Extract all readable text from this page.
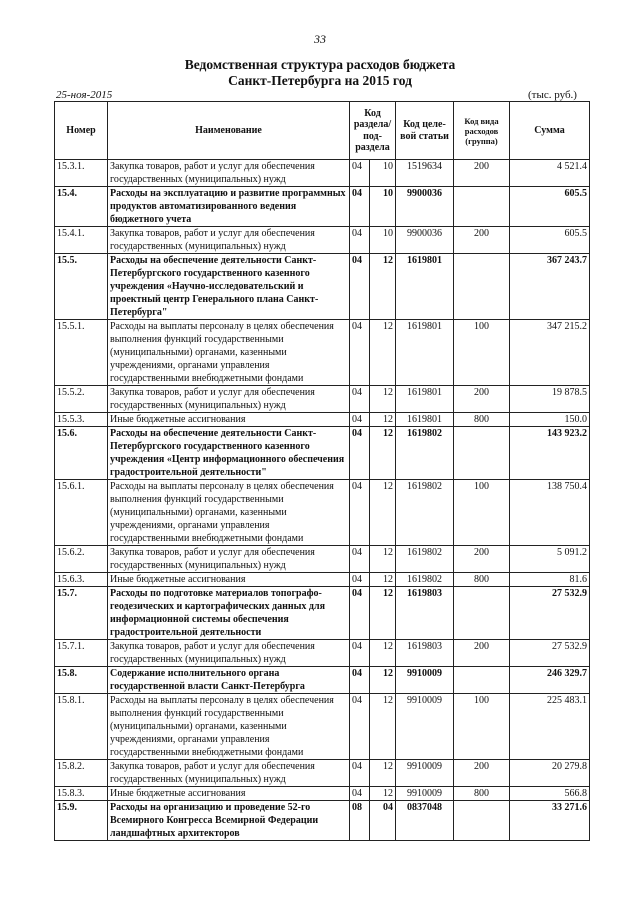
33
Ведомственная структура расходов бюджета
Санкт-Петербурга на 2015 год
25-ноя-2015	(тыс. руб.)
Номер	Наименование	Код раздела/ под- раздела		Код целе- вой статьи	Код вида расходов (группа)	Сумма
15.3.1.	Закупка товаров, работ и услуг для обеспечения государственных (муниципальных) нужд	04	10	1519634	200	4 521.4
15.4.	Расходы на эксплуатацию и развитие программных продуктов автоматизированного ведения бюджетного учета	04	10	9900036		605.5
15.4.1.	Закупка товаров, работ и услуг для обеспечения государственных (муниципальных) нужд	04	10	9900036	200	605.5
15.5.	Расходы на обеспечение деятельности Санкт-Петербургского государственного казенного учреждения «Научно-исследовательский и проектный центр Генерального плана Санкт-Петербурга"	04	12	1619801		367 243.7
15.5.1.	Расходы на выплаты персоналу в целях обеспечения выполнения функций государственными (муниципальными) органами, казенными учреждениями, органами управления государственными внебюджетными фондами	04	12	1619801	100	347 215.2
15.5.2.	Закупка товаров, работ и услуг для обеспечения государственных (муниципальных) нужд	04	12	1619801	200	19 878.5
15.5.3.	Иные бюджетные ассигнования	04	12	1619801	800	150.0
15.6.	Расходы на обеспечение деятельности Санкт-Петербургского государственного казенного учреждения «Центр информационного обеспечения градостроительной деятельности"	04	12	1619802		143 923.2
15.6.1.	Расходы на выплаты персоналу в целях обеспечения выполнения функций государственными (муниципальными) органами, казенными учреждениями, органами управления государственными внебюджетными фондами	04	12	1619802	100	138 750.4
15.6.2.	Закупка товаров, работ и услуг для обеспечения государственных (муниципальных) нужд	04	12	1619802	200	5 091.2
15.6.3.	Иные бюджетные ассигнования	04	12	1619802	800	81.6
15.7.	Расходы по подготовке материалов топографо-геодезических и картографических данных для информационной системы обеспечения градостроительной деятельности	04	12	1619803		27 532.9
15.7.1.	Закупка товаров, работ и услуг для обеспечения государственных (муниципальных) нужд	04	12	1619803	200	27 532.9
15.8.	Содержание исполнительного органа государственной власти Санкт-Петербурга	04	12	9910009		246 329.7
15.8.1.	Расходы на выплаты персоналу в целях обеспечения выполнения функций государственными (муниципальными) органами, казенными учреждениями, органами управления государственными внебюджетными фондами	04	12	9910009	100	225 483.1
15.8.2.	Закупка товаров, работ и услуг для обеспечения государственных (муниципальных) нужд	04	12	9910009	200	20 279.8
15.8.3.	Иные бюджетные ассигнования	04	12	9910009	800	566.8
15.9.	Расходы на организацию и проведение 52-го Всемирного Конгресса Всемирной Федерации ландшафтных архитекторов	08	04	0837048		33 271.6
